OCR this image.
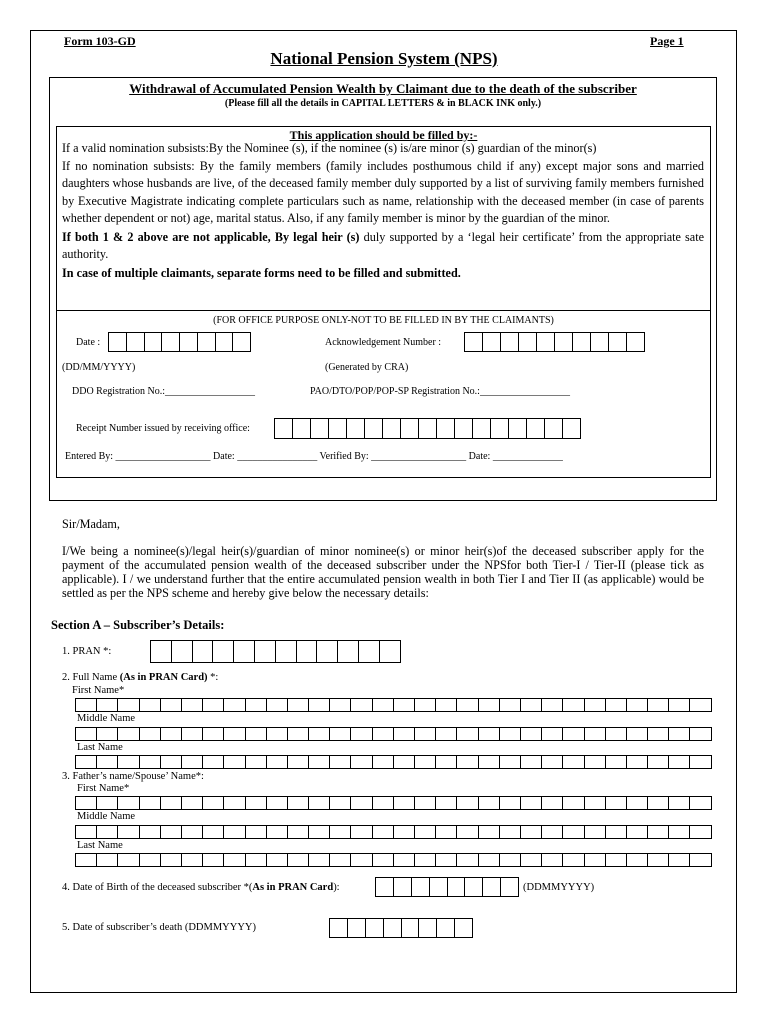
Form 103-GD	Page 1
National Pension System (NPS)
Withdrawal of Accumulated Pension Wealth by Claimant due to the death of the subscriber
(Please fill all the details in CAPITAL LETTERS & in BLACK INK only.)
This application should be filled by:-
If a valid nomination subsists:By the Nominee (s), if the nominee (s) is/are minor (s) guardian of the minor(s)
If no nomination subsists: By the family members (family includes posthumous child if any) except major sons and married daughters whose husbands are live, of the deceased family member duly supported by a list of surviving family members furnished by Executive Magistrate indicating complete particulars such as name, relationship with the deceased member (in case of parents whether dependent or not) age, marital status. Also, if any family member is minor by the guardian of the minor.
If both 1 & 2 above are not applicable, By legal heir (s) duly supported by a ‘legal heir certificate’ from the appropriate sate authority.
In case of multiple claimants, separate forms need to be filled and submitted.
(FOR OFFICE PURPOSE ONLY-NOT TO BE FILLED IN BY THE CLAIMANTS)
Date :	Acknowledgement Number :
(DD/MM/YYYY)	(Generated by CRA)
DDO Registration No.:__________________	PAO/DTO/POP/POP-SP Registration No.:__________________
Receipt Number issued by receiving office:
Entered By: ___________________ Date: ________________ Verified By: ___________________ Date: ______________
Sir/Madam,
I/We being a nominee(s)/legal heir(s)/guardian of minor nominee(s) or minor heir(s)of the deceased subscriber apply for the payment of the accumulated pension wealth of the deceased subscriber under the NPSfor both Tier-I / Tier-II (please tick as applicable). I / we understand further that the entire accumulated pension wealth in both Tier I and Tier II (as applicable) would be settled as per the NPS scheme and hereby give below the necessary details:
Section A – Subscriber’s Details:
1. PRAN *:
2. Full Name (As in PRAN Card) *:
First Name*
Middle Name
Last Name
3. Father’s name/Spouse’ Name*:
First Name*
Middle Name
Last Name
4. Date of Birth of the deceased subscriber *(As in PRAN Card):	(DDMMYYYY)
5. Date of subscriber’s death (DDMMYYYY)
